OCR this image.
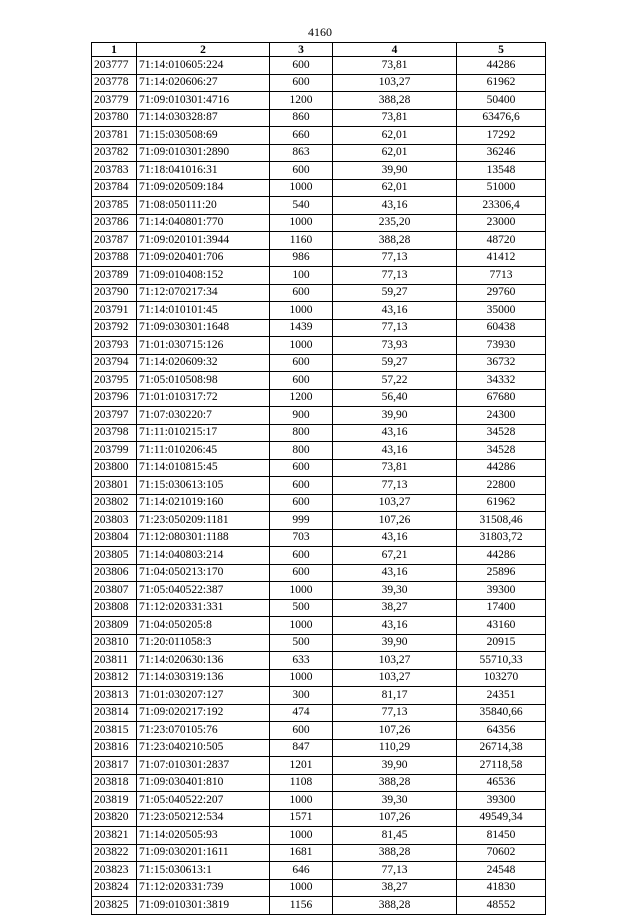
4160
1	2	3	4	5
203777	71:14:010605:224	600	73,81	44286
203778	71:14:020606:27	600	103,27	61962
203779	71:09:010301:4716	1200	388,28	50400
203780	71:14:030328:87	860	73,81	63476,6
203781	71:15:030508:69	660	62,01	17292
203782	71:09:010301:2890	863	62,01	36246
203783	71:18:041016:31	600	39,90	13548
203784	71:09:020509:184	1000	62,01	51000
203785	71:08:050111:20	540	43,16	23306,4
203786	71:14:040801:770	1000	235,20	23000
203787	71:09:020101:3944	1160	388,28	48720
203788	71:09:020401:706	986	77,13	41412
203789	71:09:010408:152	100	77,13	7713
203790	71:12:070217:34	600	59,27	29760
203791	71:14:010101:45	1000	43,16	35000
203792	71:09:030301:1648	1439	77,13	60438
203793	71:01:030715:126	1000	73,93	73930
203794	71:14:020609:32	600	59,27	36732
203795	71:05:010508:98	600	57,22	34332
203796	71:01:010317:72	1200	56,40	67680
203797	71:07:030220:7	900	39,90	24300
203798	71:11:010215:17	800	43,16	34528
203799	71:11:010206:45	800	43,16	34528
203800	71:14:010815:45	600	73,81	44286
203801	71:15:030613:105	600	77,13	22800
203802	71:14:021019:160	600	103,27	61962
203803	71:23:050209:1181	999	107,26	31508,46
203804	71:12:080301:1188	703	43,16	31803,72
203805	71:14:040803:214	600	67,21	44286
203806	71:04:050213:170	600	43,16	25896
203807	71:05:040522:387	1000	39,30	39300
203808	71:12:020331:331	500	38,27	17400
203809	71:04:050205:8	1000	43,16	43160
203810	71:20:011058:3	500	39,90	20915
203811	71:14:020630:136	633	103,27	55710,33
203812	71:14:030319:136	1000	103,27	103270
203813	71:01:030207:127	300	81,17	24351
203814	71:09:020217:192	474	77,13	35840,66
203815	71:23:070105:76	600	107,26	64356
203816	71:23:040210:505	847	110,29	26714,38
203817	71:07:010301:2837	1201	39,90	27118,58
203818	71:09:030401:810	1108	388,28	46536
203819	71:05:040522:207	1000	39,30	39300
203820	71:23:050212:534	1571	107,26	49549,34
203821	71:14:020505:93	1000	81,45	81450
203822	71:09:030201:1611	1681	388,28	70602
203823	71:15:030613:1	646	77,13	24548
203824	71:12:020331:739	1000	38,27	41830
203825	71:09:010301:3819	1156	388,28	48552
